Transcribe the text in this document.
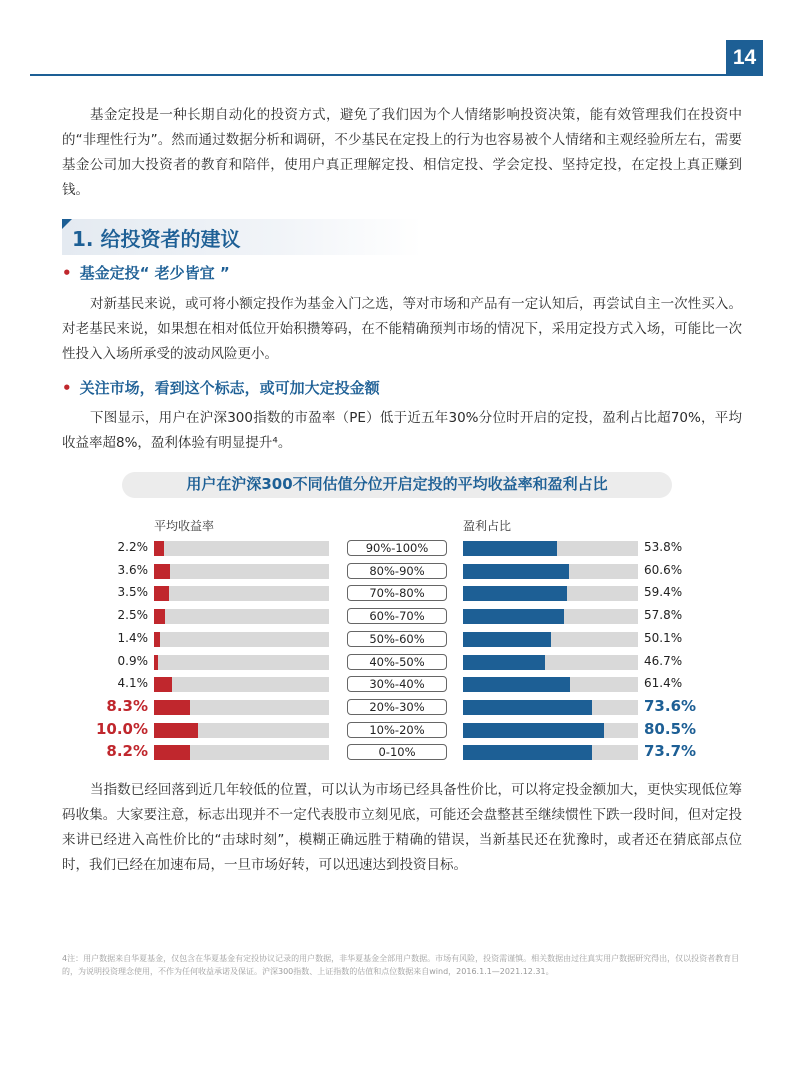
14

基金定投是一种长期自动化的投资方式，避免了我们因为个人情绪影响投资决策，能有效管理我们在投资中的“非理性行为”。然而通过数据分析和调研，不少基民在定投上的行为也容易被个人情绪和主观经验所左右，需要基金公司加大投资者的教育和陪伴，使用户真正理解定投、相信定投、学会定投、坚持定投，在定投上真正赚到钱。

1. 给投资者的建议
• 基金定投“ 老少皆宜 ”

对新基民来说，或可将小额定投作为基金入门之选，等对市场和产品有一定认知后，再尝试自主一次性买入。对老基民来说，如果想在相对低位开始积攒筹码，在不能精确预判市场的情况下，采用定投方式入场，可能比一次性投入入场所承受的波动风险更小。

• 关注市场，看到这个标志，或可加大定投金额

下图显示，用户在沪深300指数的市盈率（PE）低于近五年30%分位时开启的定投，盈利占比超70%，平均收益率超8%，盈利体验有明显提升⁴。

用户在沪深300不同估值分位开启定投的平均收益率和盈利占比
平均收益率	盈利占比
2.2%	90%-100%	53.8%
3.6%	80%-90%	60.6%
3.5%	70%-80%	59.4%
2.5%	60%-70%	57.8%
1.4%	50%-60%	50.1%
0.9%	40%-50%	46.7%
4.1%	30%-40%	61.4%
8.3%	20%-30%	73.6%
10.0%	10%-20%	80.5%
8.2%	0-10%	73.7%

当指数已经回落到近几年较低的位置，可以认为市场已经具备性价比，可以将定投金额加大，更快实现低位筹码收集。大家要注意，标志出现并不一定代表股市立刻见底，可能还会盘整甚至继续惯性下跌一段时间，但对定投来讲已经进入高性价比的“击球时刻”，模糊正确远胜于精确的错误，当新基民还在犹豫时，或者还在猜底部点位时，我们已经在加速布局，一旦市场好转，可以迅速达到投资目标。

4注：用户数据来自华夏基金，仅包含在华夏基金有定投协议记录的用户数据，非华夏基金全部用户数据。市场有风险，投资需谨慎。相关数据由过往真实用户数据研究得出，仅以投资者教育目的，为说明投资理念使用，不作为任何收益承诺及保证。沪深300指数、上证指数的估值和点位数据来自wind，2016.1.1—2021.12.31。
